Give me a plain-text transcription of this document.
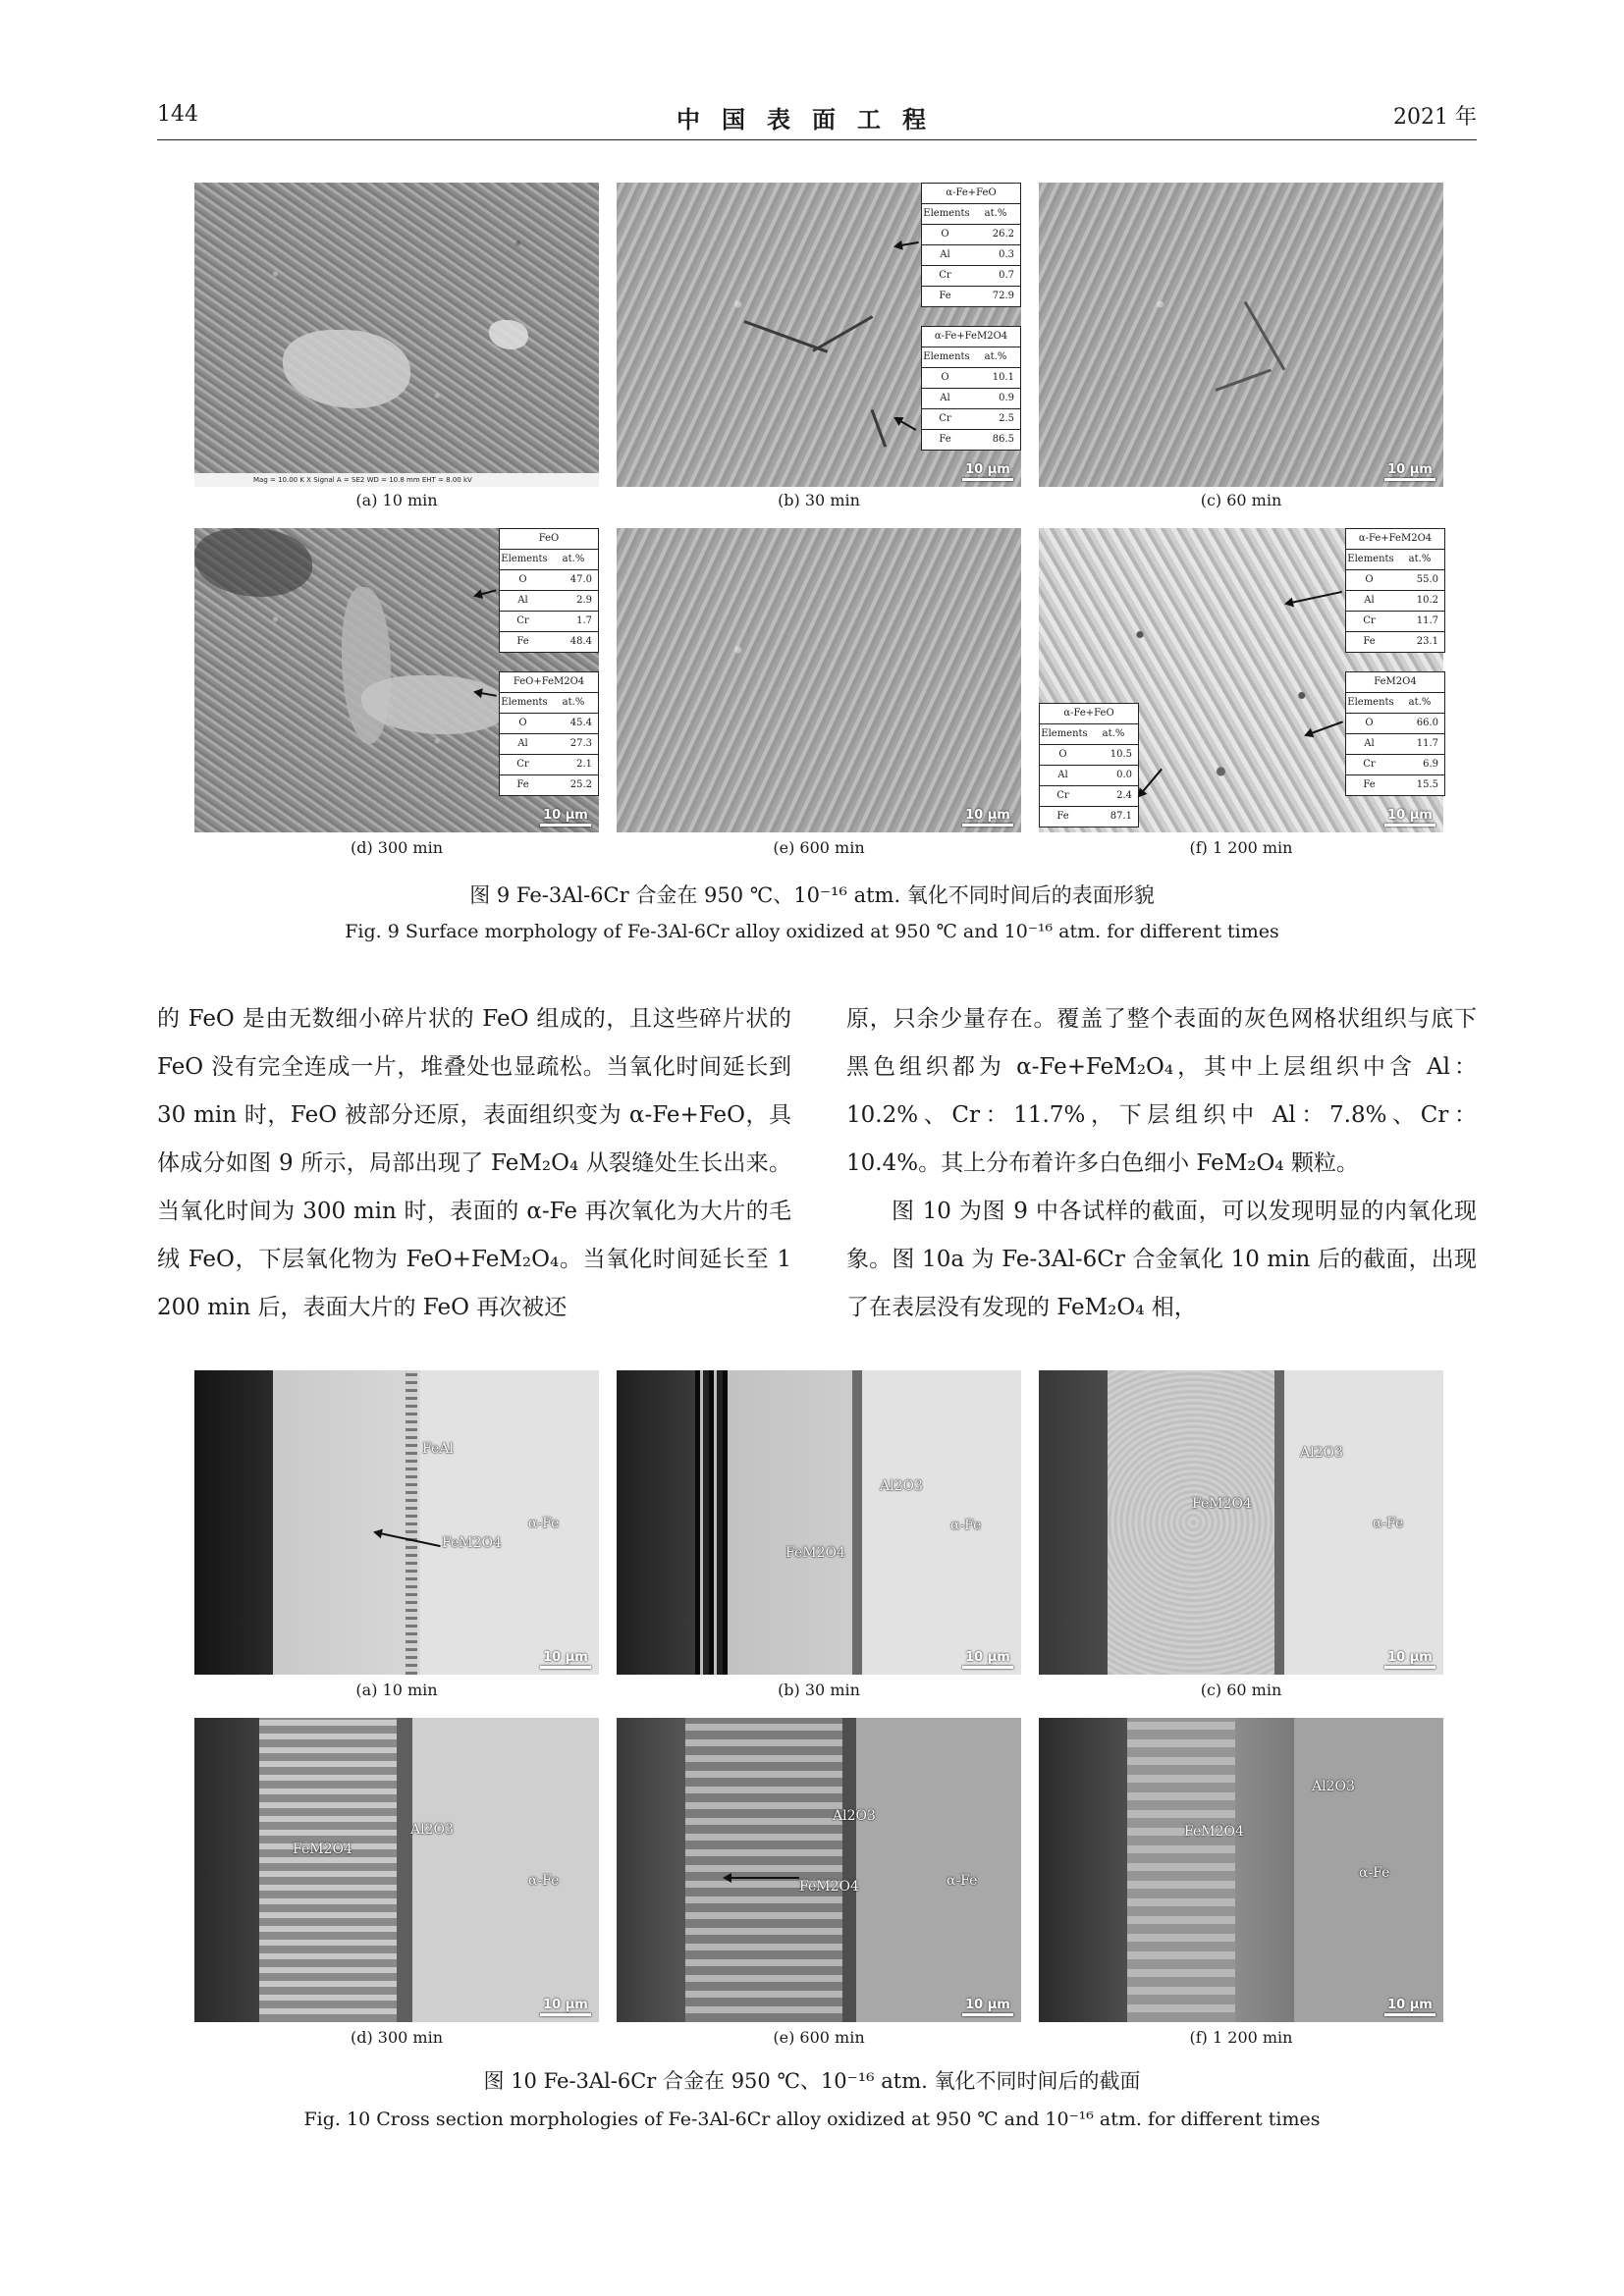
144	中国表面工程	2021 年
Mag = 10.00 K X Signal A = SE2 WD = 10.8 mm EHT = 8.00 kV
(a) 10 min
10 μm
(b) 30 min
10 μm
(c) 60 min
10 μm
(d) 300 min
10 μm
(e) 600 min
10 μm
(f) 1 200 min
α-Fe+FeO
Elements	at.%
O	26.2
Al	0.3
Cr	0.7
Fe	72.9
α-Fe+FeM2O4
Elements	at.%
O	10.1
Al	0.9
Cr	2.5
Fe	86.5
FeO
Elements	at.%
O	47.0
Al	2.9
Cr	1.7
Fe	48.4
FeO+FeM2O4
Elements	at.%
O	45.4
Al	27.3
Cr	2.1
Fe	25.2
α-Fe+FeM2O4
Elements	at.%
O	55.0
Al	10.2
Cr	11.7
Fe	23.1
FeM2O4
Elements	at.%
O	66.0
Al	11.7
Cr	6.9
Fe	15.5
α-Fe+FeO
Elements	at.%
O	10.5
Al	0.0
Cr	2.4
Fe	87.1
图 9 Fe-3Al-6Cr 合金在 950 ℃、10⁻¹⁶ atm. 氧化不同时间后的表面形貌
Fig. 9 Surface morphology of Fe-3Al-6Cr alloy oxidized at 950 ℃ and 10⁻¹⁶ atm. for different times

的 FeO 是由无数细小碎片状的 FeO 组成的，且这些碎片状的 FeO 没有完全连成一片，堆叠处也显疏松。当氧化时间延长到 30 min 时，FeO 被部分还原，表面组织变为 α-Fe+FeO，具体成分如图 9 所示，局部出现了 FeM₂O₄ 从裂缝处生长出来。当氧化时间为 300 min 时，表面的 α-Fe 再次氧化为大片的毛绒 FeO，下层氧化物为 FeO+FeM₂O₄。当氧化时间延长至 1 200 min 后，表面大片的 FeO 再次被还

原，只余少量存在。覆盖了整个表面的灰色网格状组织与底下黑色组织都为 α-Fe+FeM₂O₄，其中上层组织中含 Al：10.2%、Cr：11.7%，下层组织中 Al：7.8%、Cr：10.4%。其上分布着许多白色细小 FeM₂O₄ 颗粒。

图 10 为图 9 中各试样的截面，可以发现明显的内氧化现象。图 10a 为 Fe-3Al-6Cr 合金氧化 10 min 后的截面，出现了在表层没有发现的 FeM₂O₄ 相，

FeAl
FeM2O4
α-Fe
10 μm
(a) 10 min
Al2O3
FeM2O4
α-Fe
10 μm
(b) 30 min
Al2O3
FeM2O4
α-Fe
10 μm
(c) 60 min
FeM2O4
Al2O3
α-Fe
10 μm
(d) 300 min
Al2O3
FeM2O4	α-Fe
10 μm
(e) 600 min
Al2O3
FeM2O4
α-Fe
10 μm
(f) 1 200 min
图 10 Fe-3Al-6Cr 合金在 950 ℃、10⁻¹⁶ atm. 氧化不同时间后的截面
Fig. 10 Cross section morphologies of Fe-3Al-6Cr alloy oxidized at 950 ℃ and 10⁻¹⁶ atm. for different times
